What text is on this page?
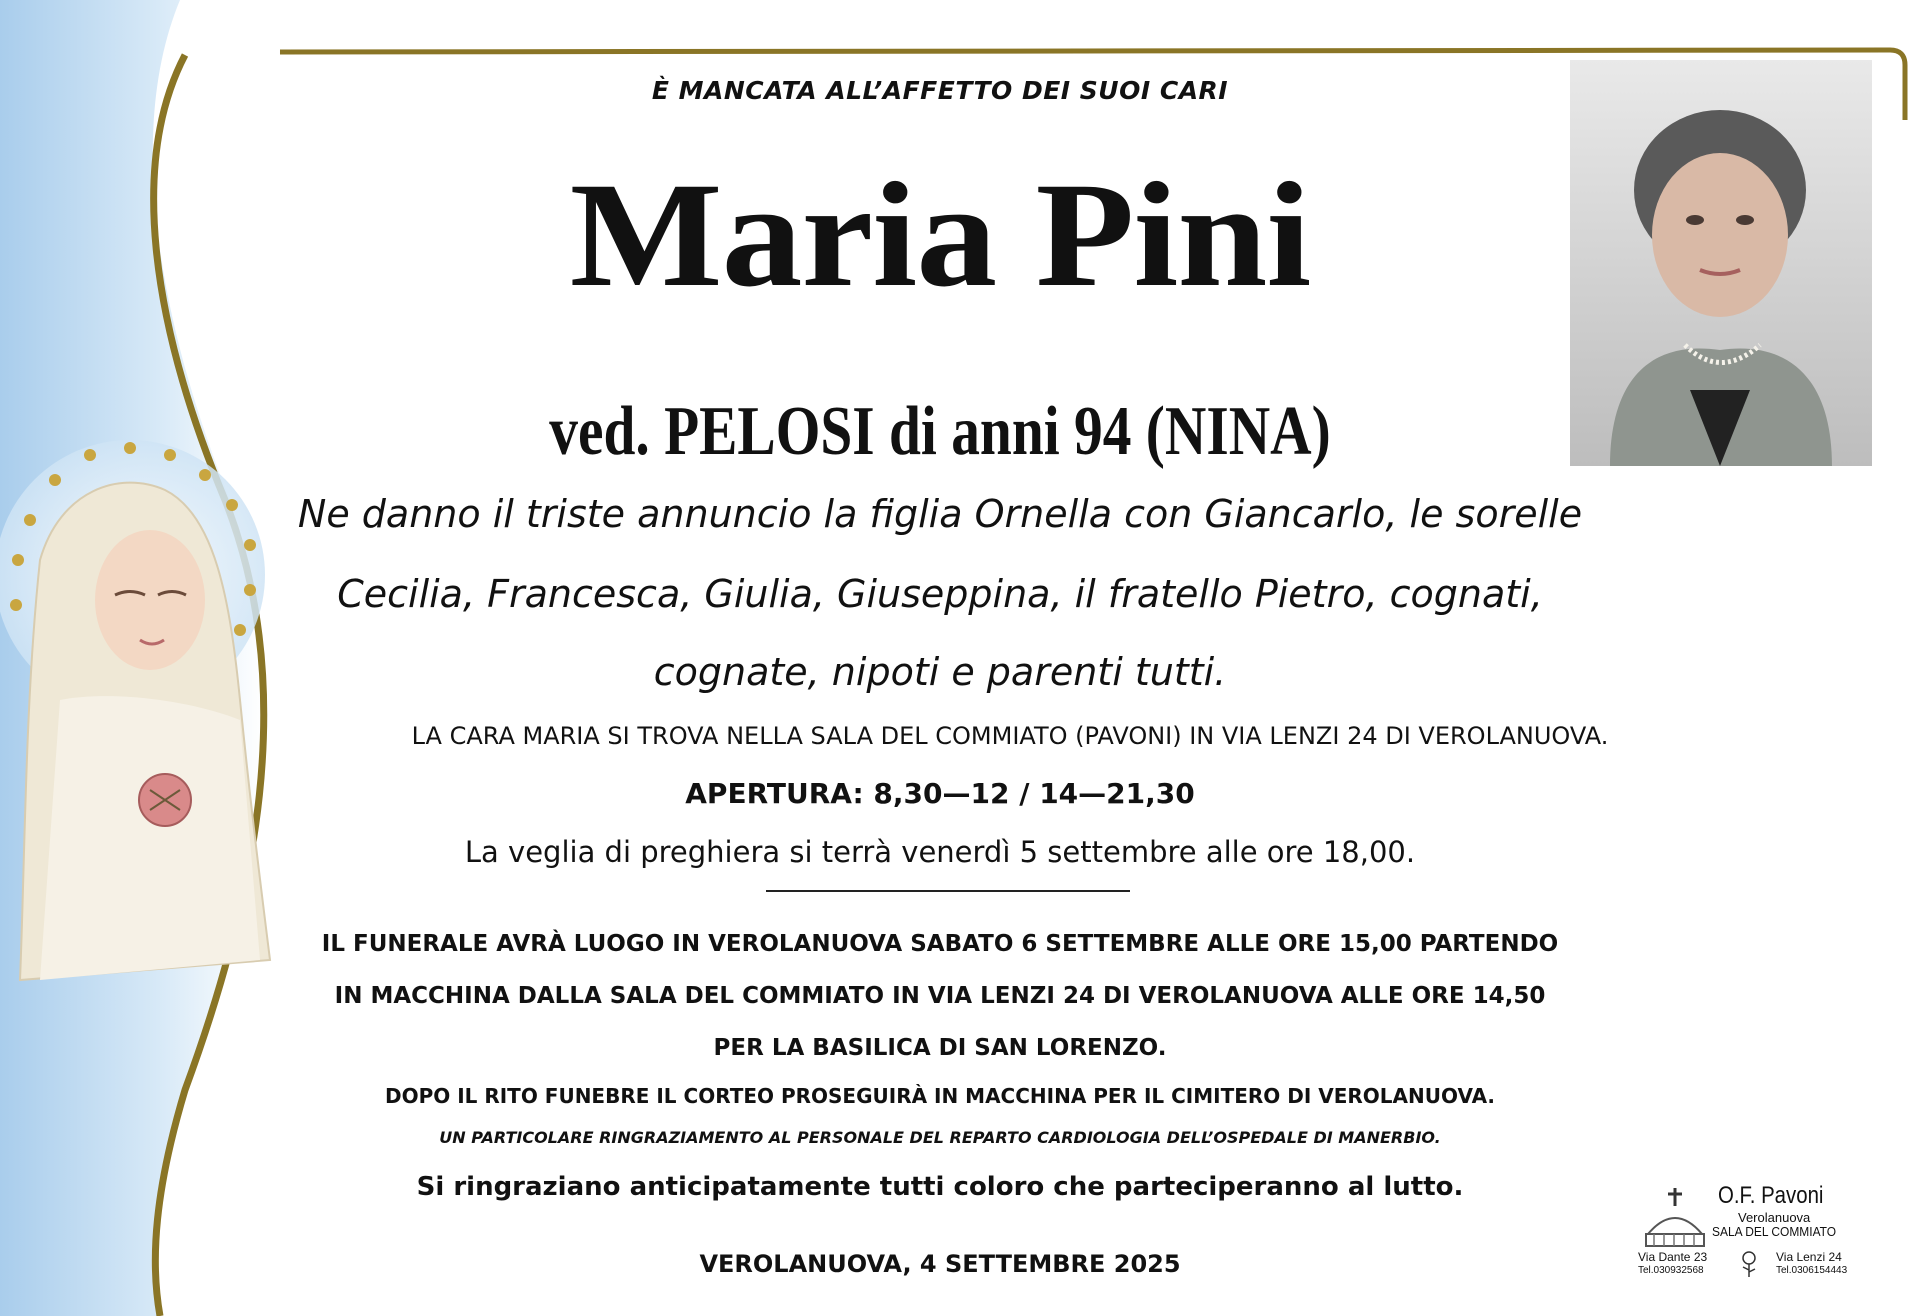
È MANCATA ALL’AFFETTO DEI SUOI CARI
Maria Pini
ved. PELOSI di anni 94 (NINA)
Ne danno il triste annuncio la figlia Ornella con Giancarlo, le sorelle
Cecilia, Francesca, Giulia, Giuseppina, il fratello Pietro, cognati,
cognate, nipoti e parenti tutti.
LA CARA MARIA SI TROVA NELLA SALA DEL COMMIATO (PAVONI) IN VIA LENZI 24 DI VEROLANUOVA.
APERTURA: 8,30—12 / 14—21,30
La veglia di preghiera si terrà venerdì 5 settembre alle ore 18,00.
IL FUNERALE AVRÀ LUOGO IN VEROLANUOVA SABATO 6 SETTEMBRE ALLE ORE 15,00 PARTENDO
IN MACCHINA DALLA SALA DEL COMMIATO IN VIA LENZI 24 DI VEROLANUOVA ALLE ORE 14,50
PER LA BASILICA DI SAN LORENZO.
DOPO IL RITO FUNEBRE IL CORTEO PROSEGUIRÀ IN MACCHINA PER IL CIMITERO DI VEROLANUOVA.
UN PARTICOLARE RINGRAZIAMENTO AL PERSONALE DEL REPARTO CARDIOLOGIA DELL’OSPEDALE DI MANERBIO.
Si ringraziano anticipatamente tutti coloro che parteciperanno al lutto.
VEROLANUOVA, 4 SETTEMBRE 2025
O.F. Pavoni
Verolanuova
SALA DEL COMMIATO
Via Dante 23
Tel.030932568
Via Lenzi 24
Tel.0306154443
